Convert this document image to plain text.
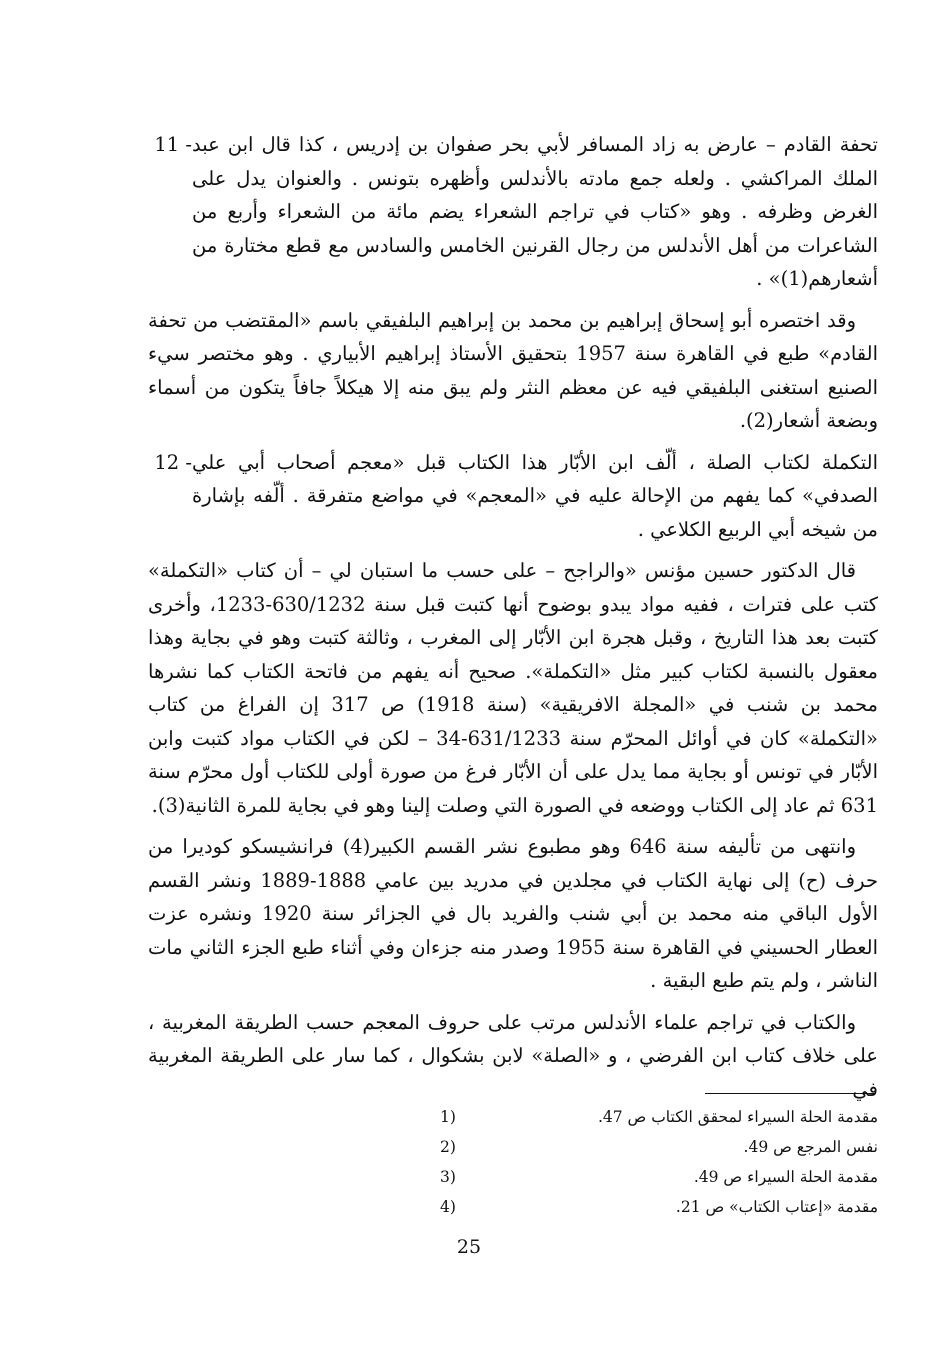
تحفة القادم – عارض به زاد المسافر لأبي بحر صفوان بن إدريس ، كذا قال ابن عبد الملك المراكشي . ولعله جمع مادته بالأندلس وأظهره بتونس . والعنوان يدل على الغرض وظرفه . وهو «كتاب في تراجم الشعراء يضم مائة من الشعراء وأربع من الشاعرات من أهل الأندلس من رجال القرنين الخامس والسادس مع قطع مختارة من أشعارهم(1)» .
11 -

وقد اختصره أبو إسحاق إبراهيم بن محمد بن إبراهيم البلفيقي باسم «المقتضب من تحفة القادم» طبع في القاهرة سنة 1957 بتحقيق الأستاذ إبراهيم الأبياري . وهو مختصر سيء الصنيع استغنى البلفيقي فيه عن معظم النثر ولم يبق منه إلا هيكلاً جافاً يتكون من أسماء وبضعة أشعار(2).

التكملة لكتاب الصلة ، ألّف ابن الأبّار هذا الكتاب قبل «معجم أصحاب أبي علي الصدفي» كما يفهم من الإحالة عليه في «المعجم» في مواضع متفرقة . ألّفه بإشارة من شيخه أبي الربيع الكلاعي .
12 -

قال الدكتور حسين مؤنس «والراجح – على حسب ما استبان لي – أن كتاب «التكملة» كتب على فترات ، ففيه مواد يبدو بوضوح أنها كتبت قبل سنة 630/1232-1233، وأخرى كتبت بعد هذا التاريخ ، وقبل هجرة ابن الأبّار إلى المغرب ، وثالثة كتبت وهو في بجاية وهذا معقول بالنسبة لكتاب كبير مثل «التكملة». صحيح أنه يفهم من فاتحة الكتاب كما نشرها محمد بن شنب في «المجلة الافريقية» (سنة 1918) ص 317 إن الفراغ من كتاب «التكملة» كان في أوائل المحرّم سنة 631/1233-34 – لكن في الكتاب مواد كتبت وابن الأبّار في تونس أو بجاية مما يدل على أن الأبّار فرغ من صورة أولى للكتاب أول محرّم سنة 631 ثم عاد إلى الكتاب ووضعه في الصورة التي وصلت إلينا وهو في بجاية للمرة الثانية(3).

وانتهى من تأليفه سنة 646 وهو مطبوع نشر القسم الكبير(4) فرانشيسكو كوديرا من حرف (ح) إلى نهاية الكتاب في مجلدين في مدريد بين عامي 1888-1889 ونشر القسم الأول الباقي منه محمد بن أبي شنب والفريد بال في الجزائر سنة 1920 ونشره عزت العطار الحسيني في القاهرة سنة 1955 وصدر منه جزءان وفي أثناء طبع الجزء الثاني مات الناشر ، ولم يتم طبع البقية .

والكتاب في تراجم علماء الأندلس مرتب على حروف المعجم حسب الطريقة المغربية ، على خلاف كتاب ابن الفرضي ، و «الصلة» لابن بشكوال ، كما سار على الطريقة المغربية في

مقدمة الحلة السيراء لمحقق الكتاب ص 47.
1)
نفس المرجع ص 49.
2)
مقدمة الحلة السيراء ص 49.
3)
مقدمة «إعتاب الكتاب» ص 21.
4)
25
